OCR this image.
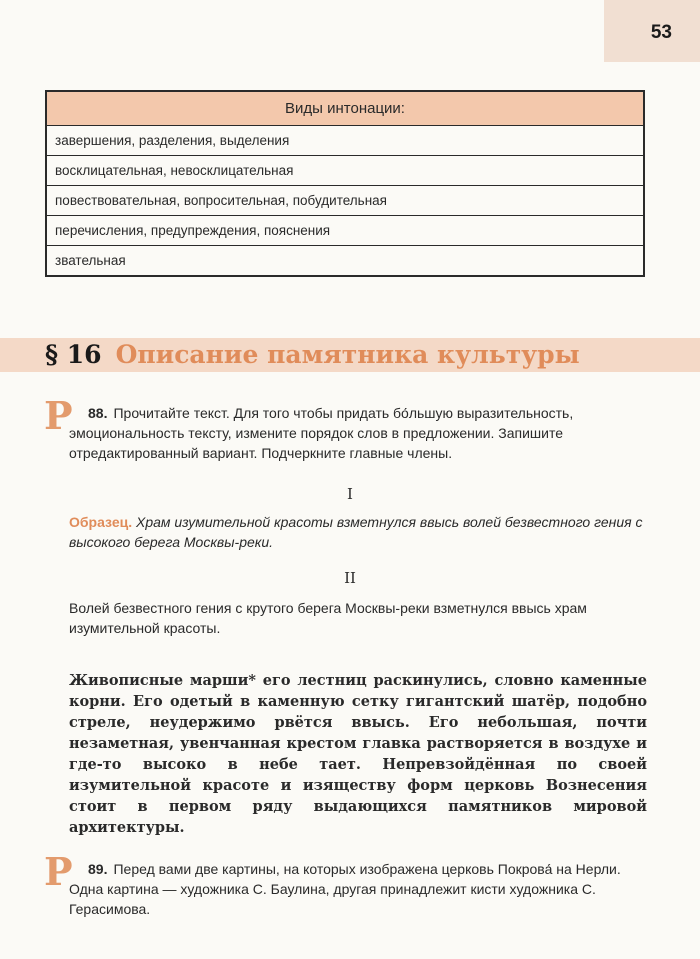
53
Виды интонации:
завершения, разделения, выделения
восклицательная, невосклицательная
повествовательная, вопросительная, побудительная
перечисления, предупреждения, пояснения
звательная
§ 16 Описание памятника культуры
Р	88. Прочитайте текст. Для того чтобы придать бо́льшую выразительность, эмоциональность тексту, измените порядок слов в предложении. Запишите отредактированный вариант. Подчеркните главные члены.
I
Образец. Храм изумительной красоты взметнулся ввысь волей безвестного гения с высокого берега Москвы-реки.
II
Волей безвестного гения с крутого берега Москвы-реки взметнулся ввысь храм изумительной красоты.
Живописные марши* его лестниц раскинулись, словно каменные корни. Его одетый в каменную сетку гигантский шатёр, подобно стреле, неудержимо рвётся ввысь. Его небольшая, почти незаметная, увенчанная крестом главка растворяется в воздухе и где-то высоко в небе тает. Непревзойдённая по своей изумительной красоте и изяществу форм церковь Вознесения стоит в первом ряду выдающихся памятников мировой архитектуры.
Р	89. Перед вами две картины, на которых изображена церковь Покрова́ на Нерли. Одна картина — художника С. Баулина, другая принадлежит кисти художника С. Герасимова.
